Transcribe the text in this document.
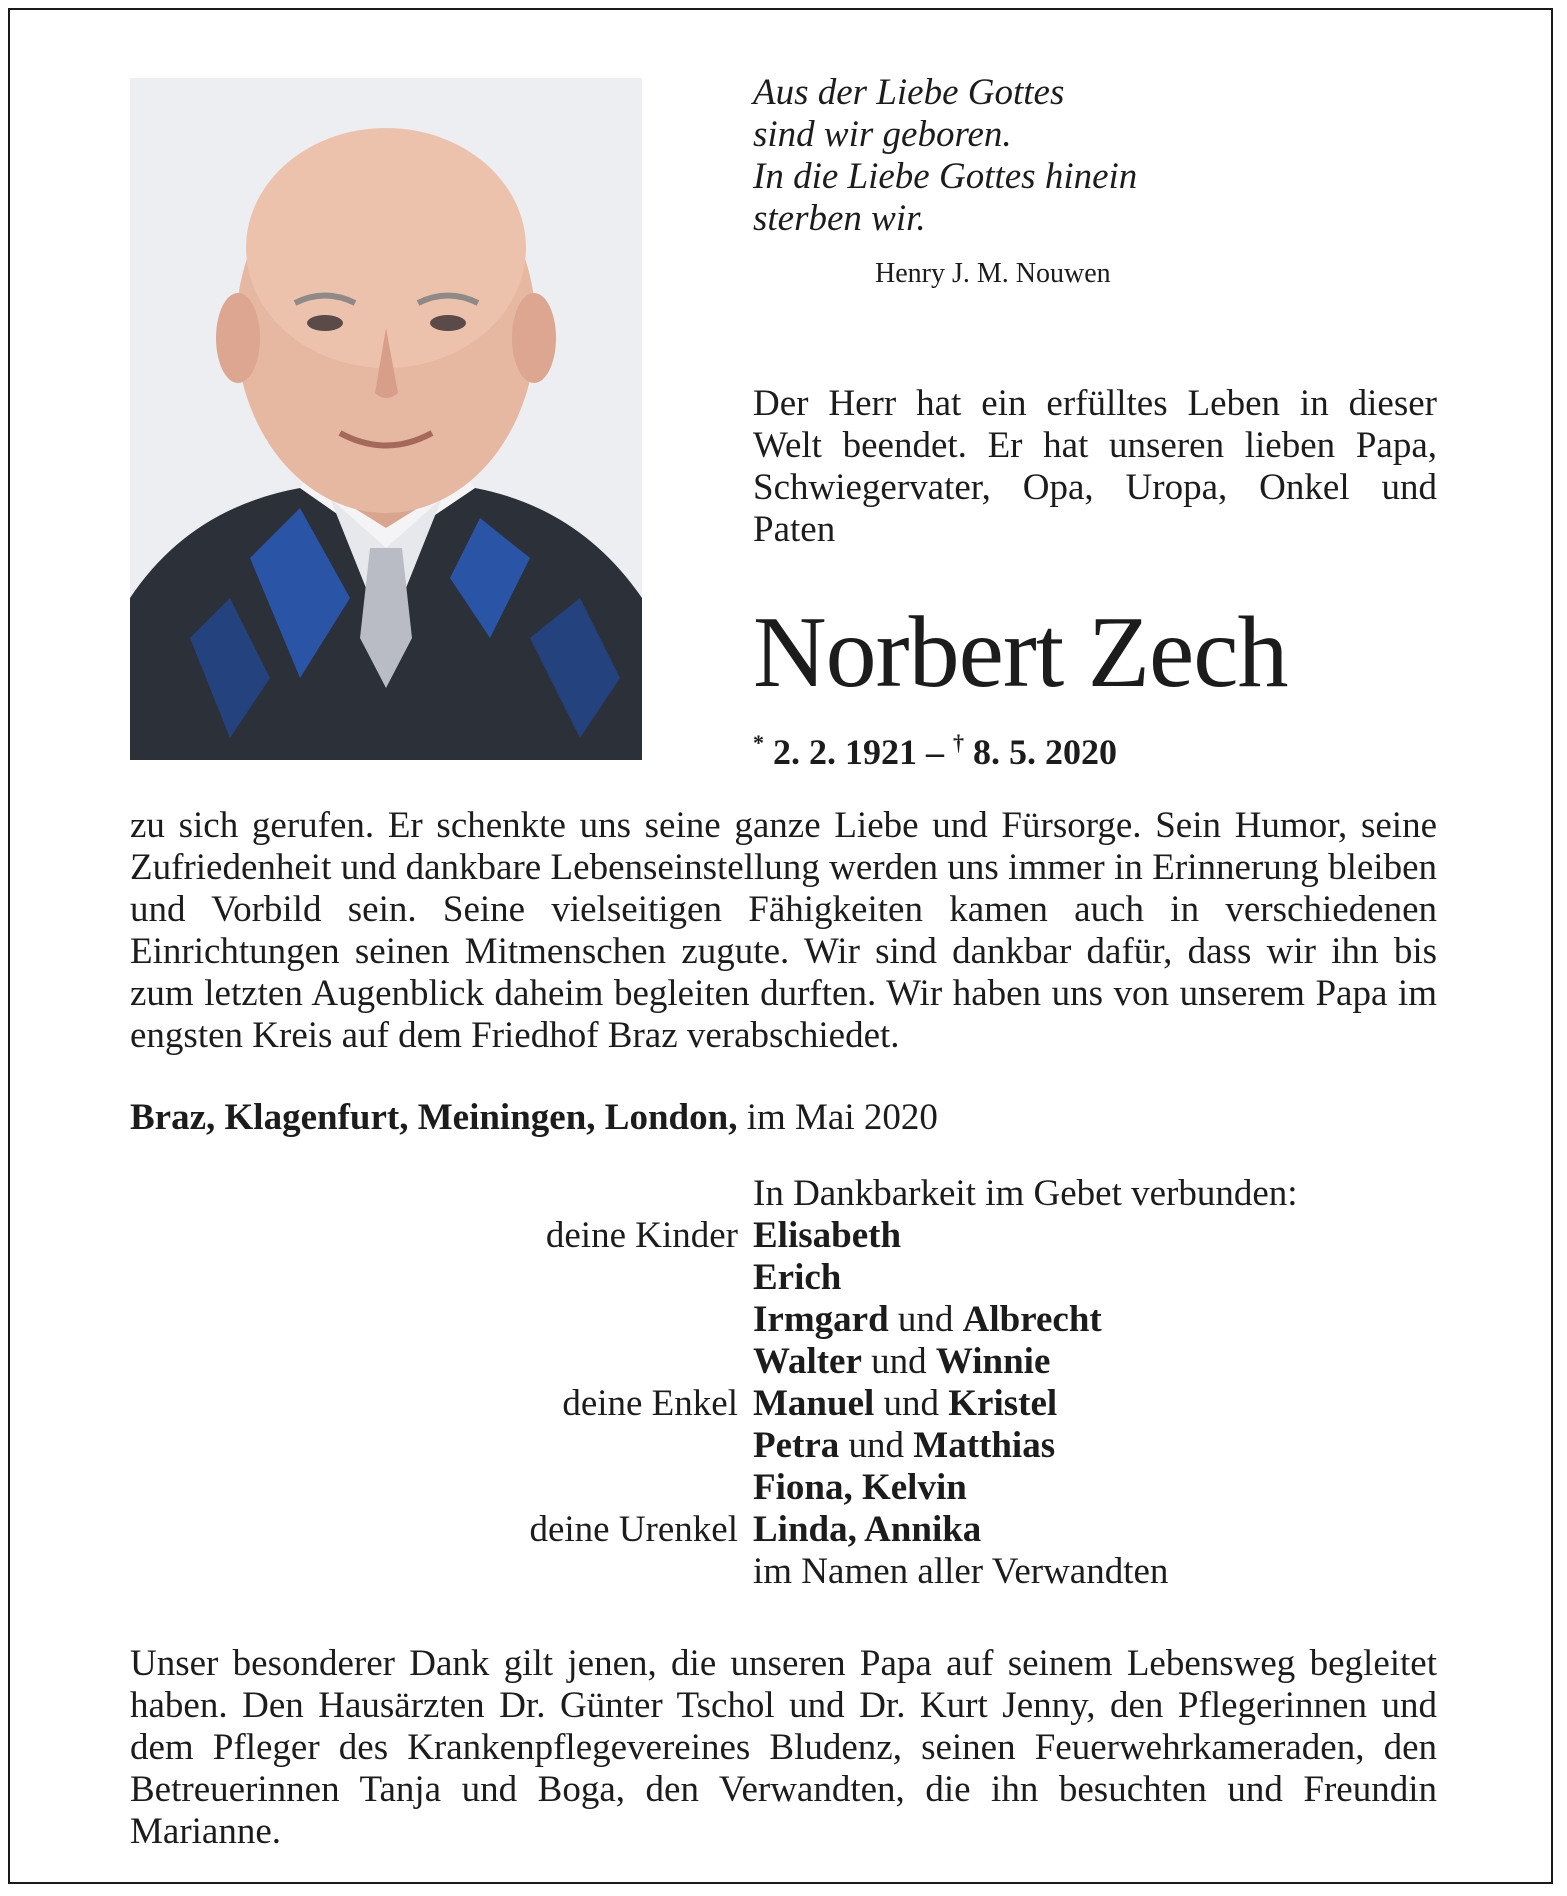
Aus der Liebe Gottes
sind wir geboren.
In die Liebe Gottes hinein
sterben wir.
Henry J. M. Nouwen
Der Herr hat ein erfülltes Leben in dieser Welt beendet. Er hat unseren lieben Papa, Schwiegervater, Opa, Uropa, Onkel und Paten
Norbert Zech
* 2. 2. 1921 – † 8. 5. 2020
zu sich gerufen. Er schenkte uns seine ganze Liebe und Fürsorge. Sein Humor, seine Zufriedenheit und dankbare Lebenseinstellung werden uns immer in Erinnerung bleiben und Vorbild sein. Seine vielseitigen Fähigkeiten kamen auch in verschiedenen Einrichtungen seinen Mitmenschen zugute. Wir sind dankbar dafür, dass wir ihn bis zum letzten Augenblick daheim begleiten durften. Wir haben uns von unserem Papa im engsten Kreis auf dem Friedhof Braz verabschiedet.
Braz, Klagenfurt, Meiningen, London, im Mai 2020
In Dankbarkeit im Gebet verbunden:
deine Kinder Elisabeth
Erich
Irmgard und Albrecht
Walter und Winnie
deine Enkel Manuel und Kristel
Petra und Matthias
Fiona, Kelvin
deine Urenkel Linda, Annika
im Namen aller Verwandten
Unser besonderer Dank gilt jenen, die unseren Papa auf seinem Lebensweg begleitet haben. Den Hausärzten Dr. Günter Tschol und Dr. Kurt Jenny, den Pflegerinnen und dem Pfleger des Krankenpflegevereines Bludenz, seinen Feuerwehrkameraden, den Betreuerinnen Tanja und Boga, den Verwandten, die ihn besuchten und Freundin Marianne.
